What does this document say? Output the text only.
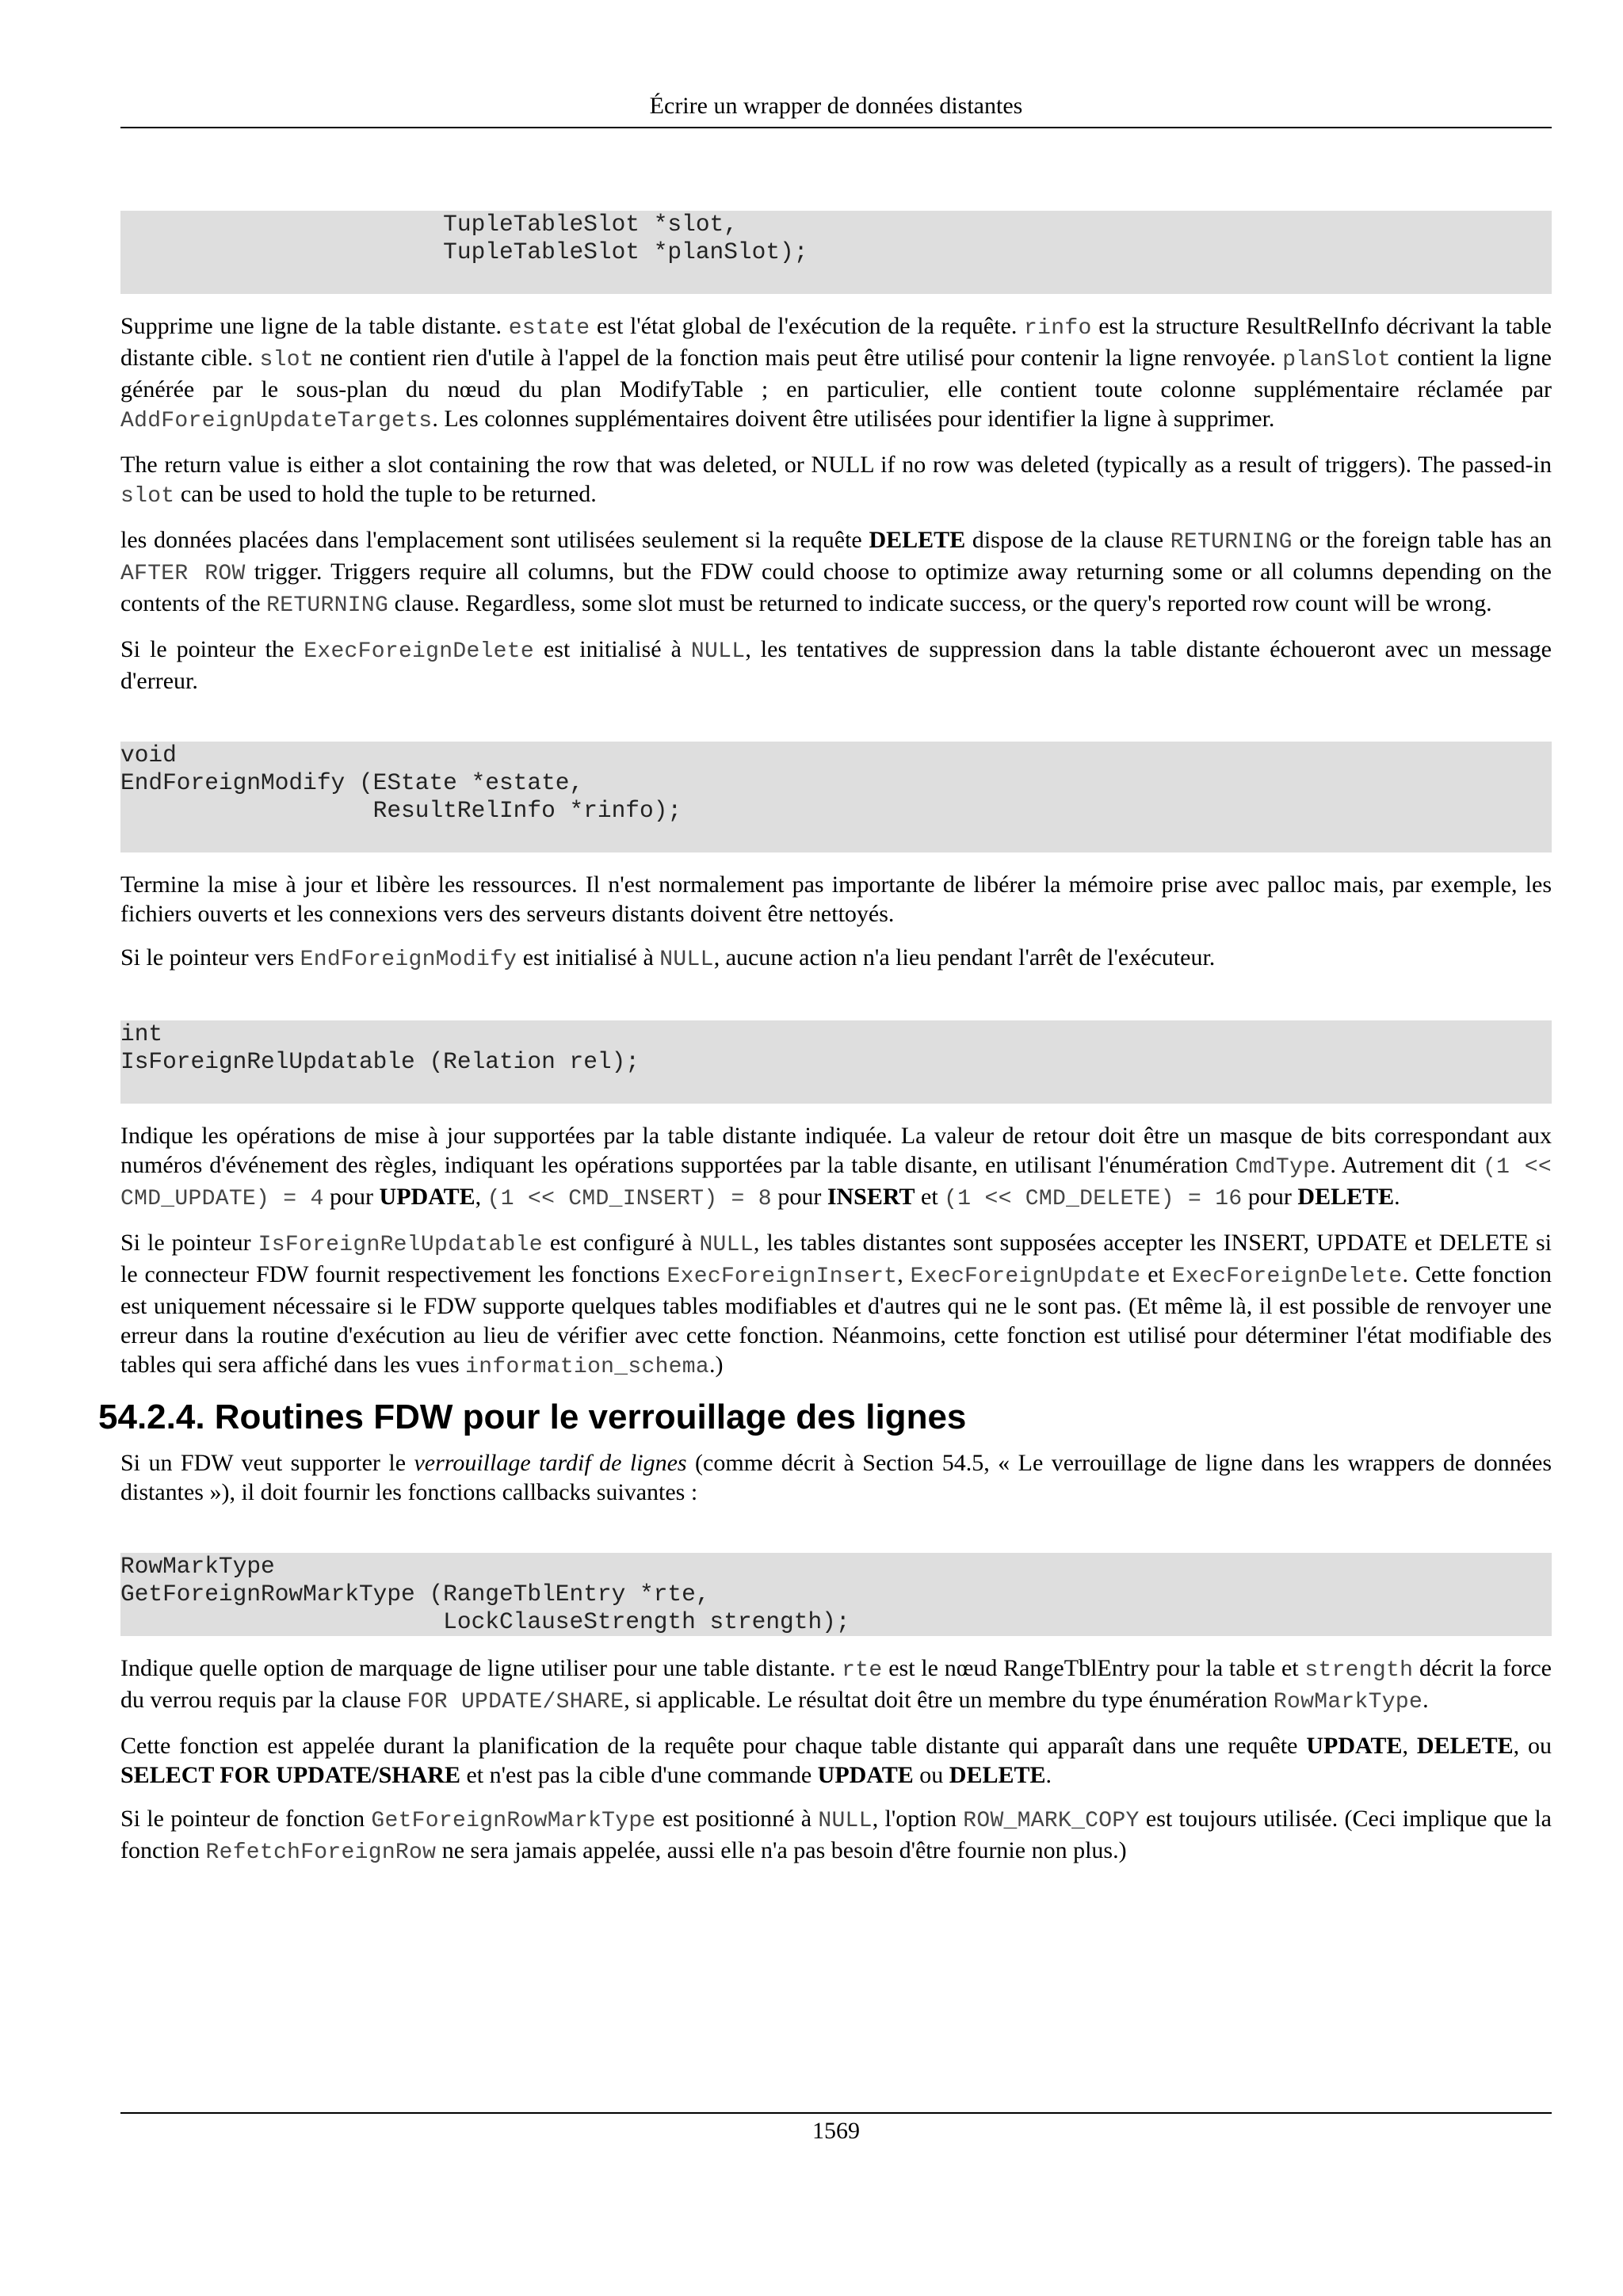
Écrire un wrapper de données distantes
TupleTableSlot *slot,
TupleTableSlot *planSlot);

Supprime une ligne de la table distante. estate est l'état global de l'exécution de la requête. rinfo est la structure ResultRelInfo décrivant la table distante cible. slot ne contient rien d'utile à l'appel de la fonction mais peut être utilisé pour contenir la ligne renvoyée. planSlot contient la ligne générée par le sous-plan du nœud du plan ModifyTable ; en particulier, elle contient toute colonne supplémentaire réclamée par AddForeignUpdateTargets. Les colonnes supplémentaires doivent être utilisées pour identifier la ligne à supprimer.

The return value is either a slot containing the row that was deleted, or NULL if no row was deleted (typically as a result of triggers). The passed-in slot can be used to hold the tuple to be returned.

les données placées dans l'emplacement sont utilisées seulement si la requête DELETE dispose de la clause RETURNING or the foreign table has an AFTER ROW trigger. Triggers require all columns, but the FDW could choose to optimize away returning some or all columns depending on the contents of the RETURNING clause. Regardless, some slot must be returned to indicate success, or the query's reported row count will be wrong.

Si le pointeur the ExecForeignDelete est initialisé à NULL, les tentatives de suppression dans la table distante échoueront avec un message d'erreur.

void
EndForeignModify (EState *estate,
ResultRelInfo *rinfo);

Termine la mise à jour et libère les ressources. Il n'est normalement pas importante de libérer la mémoire prise avec palloc mais, par exemple, les fichiers ouverts et les connexions vers des serveurs distants doivent être nettoyés.

Si le pointeur vers EndForeignModify est initialisé à NULL, aucune action n'a lieu pendant l'arrêt de l'exécuteur.

int
IsForeignRelUpdatable (Relation rel);

Indique les opérations de mise à jour supportées par la table distante indiquée. La valeur de retour doit être un masque de bits correspondant aux numéros d'événement des règles, indiquant les opérations supportées par la table disante, en utilisant l'énumération CmdType. Autrement dit (1 << CMD_UPDATE) = 4 pour UPDATE, (1 << CMD_INSERT) = 8 pour INSERT et (1 << CMD_DELETE) = 16 pour DELETE.

Si le pointeur IsForeignRelUpdatable est configuré à NULL, les tables distantes sont supposées accepter les INSERT, UPDATE et DELETE si le connecteur FDW fournit respectivement les fonctions ExecForeignInsert, ExecForeignUpdate et ExecForeignDelete. Cette fonction est uniquement nécessaire si le FDW supporte quelques tables modifiables et d'autres qui ne le sont pas. (Et même là, il est possible de renvoyer une erreur dans la routine d'exécution au lieu de vérifier avec cette fonction. Néanmoins, cette fonction est utilisé pour déterminer l'état modifiable des tables qui sera affiché dans les vues information_schema.)

54.2.4. Routines FDW pour le verrouillage des lignes

Si un FDW veut supporter le verrouillage tardif de lignes (comme décrit à Section 54.5, « Le verrouillage de ligne dans les wrappers de données distantes »), il doit fournir les fonctions callbacks suivantes :

RowMarkType
GetForeignRowMarkType (RangeTblEntry *rte,
LockClauseStrength strength);

Indique quelle option de marquage de ligne utiliser pour une table distante. rte est le nœud RangeTblEntry pour la table et strength décrit la force du verrou requis par la clause FOR UPDATE/SHARE, si applicable. Le résultat doit être un membre du type énumération RowMarkType.

Cette fonction est appelée durant la planification de la requête pour chaque table distante qui apparaît dans une requête UPDATE, DELETE, ou SELECT FOR UPDATE/SHARE et n'est pas la cible d'une commande UPDATE ou DELETE.

Si le pointeur de fonction GetForeignRowMarkType est positionné à NULL, l'option ROW_MARK_COPY est toujours utilisée. (Ceci implique que la fonction RefetchForeignRow ne sera jamais appelée, aussi elle n'a pas besoin d'être fournie non plus.)

1569
